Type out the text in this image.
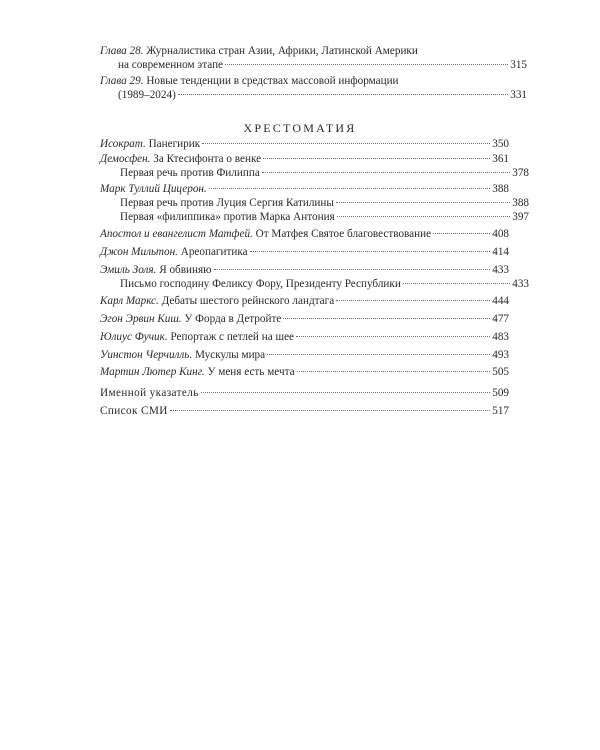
Глава 28. Журналистика стран Азии, Африки, Латинской Америки
на современном этапе	315
Глава 29. Новые тенденции в средствах массовой информации
(1989–2024)	331
ХРЕСТОМАТИЯ
Исократ. Панегирик	350
Демосфен. За Ктесифонта о венке	361
Первая речь против Филиппа	378
Марк Туллий Цицерон.	388
Первая речь против Луция Сергия Катилины	388
Первая «филиппика» против Марка Антония	397
Апостол и евангелист Матфей. От Матфея Святое благовествование	408
Джон Мильтон. Ареопагитика	414
Эмиль Золя. Я обвиняю	433
Письмо господину Феликсу Фору, Президенту Республики	433
Карл Маркс. Дебаты шестого рейнского ландтага	444
Эгон Эрвин Киш. У Форда в Детройте	477
Юлиус Фучик. Репортаж с петлей на шее	483
Уинстон Черчилль. Мускулы мира	493
Мартин Лютер Кинг. У меня есть мечта	505
Именной указатель	509
Список СМИ	517
